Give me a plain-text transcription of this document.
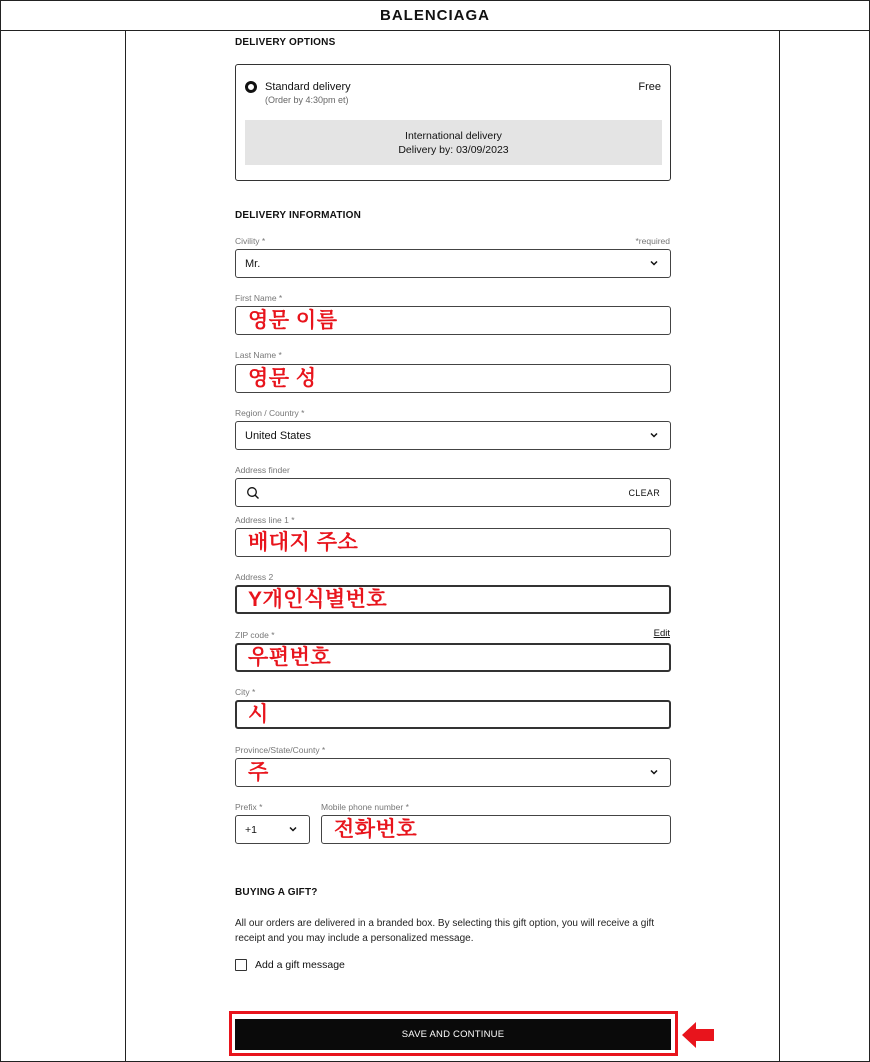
BALENCIAGA
DELIVERY OPTIONS
Standard delivery
(Order by 4:30pm et)
Free
International delivery
Delivery by: 03/09/2023
DELIVERY INFORMATION
Civility *	*required
Mr.
First Name *
영문 이름
Last Name *
영문 성
Region / Country *
United States
Address finder
CLEAR
Address line 1 *
배대지 주소
Address 2
Y개인식별번호
ZIP code *	Edit
우편번호
City *
시
Province/State/County *
주
Prefix *	Mobile phone number *
+1	전화번호
BUYING A GIFT?
All our orders are delivered in a branded box. By selecting this gift option, you will receive a gift receipt and you may include a personalized message.
Add a gift message
SAVE AND CONTINUE
